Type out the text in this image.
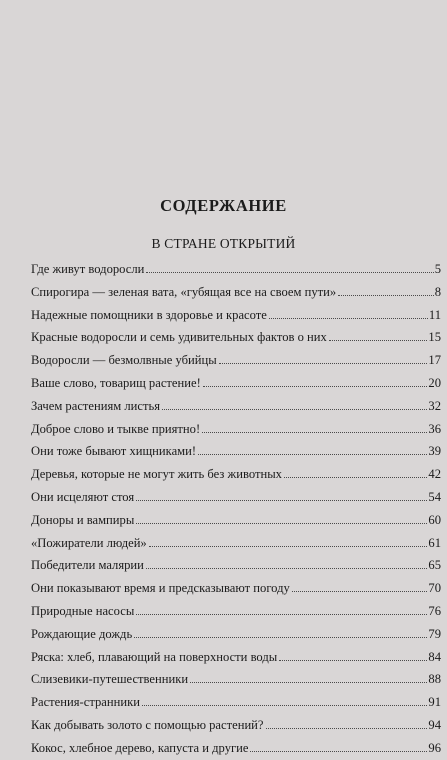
СОДЕРЖАНИЕ
В СТРАНЕ ОТКРЫТИЙ
Где живут водоросли	5
Спирогира — зеленая вата, «губящая все на своем пути»	8
Надежные помощники в здоровье и красоте	11
Красные водоросли и семь удивительных фактов о них	15
Водоросли — безмолвные убийцы	17
Ваше слово, товарищ растение!	20
Зачем растениям листья	32
Доброе слово и тыкве приятно!	36
Они тоже бывают хищниками!	39
Деревья, которые не могут жить без животных	42
Они исцеляют стоя	54
Доноры и вампиры	60
«Пожиратели людей»	61
Победители малярии	65
Они показывают время и предсказывают погоду	70
Природные насосы	76
Рождающие дождь	79
Ряска: хлеб, плавающий на поверхности воды	84
Слизевики-путешественники	88
Растения-странники	91
Как добывать золото с помощью растений?	94
Кокос, хлебное дерево, капуста и другие	96
